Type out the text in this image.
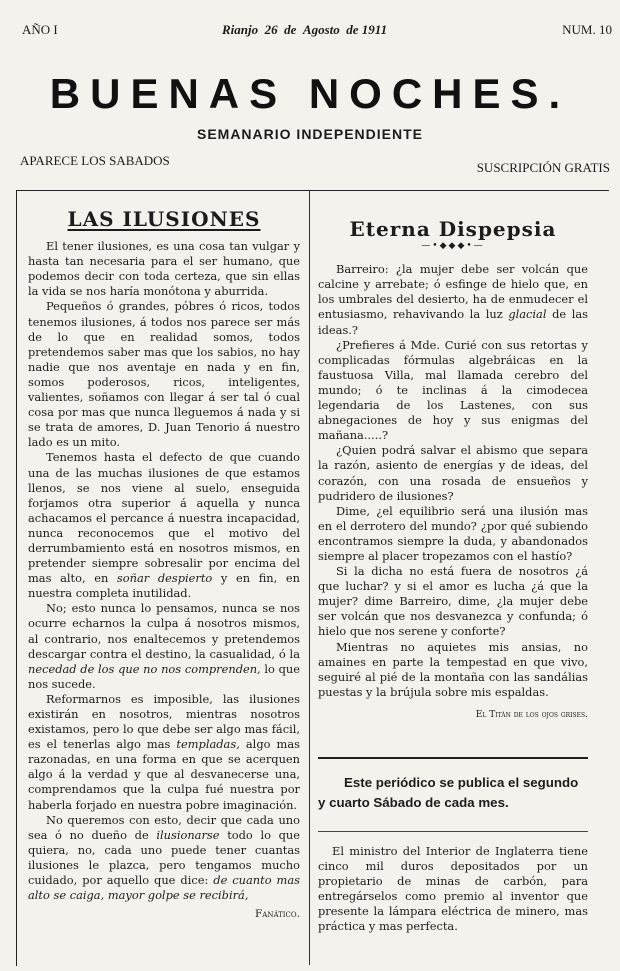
AÑO I	Rianjo 26 de Agosto de 1911	NUM. 10
BUENAS NOCHES.
SEMANARIO INDEPENDIENTE
APARECE LOS SABADOS	SUSCRIPCIÓN GRATIS
LAS ILUSIONES

El tener ilusiones, es una cosa tan vulgar y hasta tan necesaria para el ser humano, que podemos decir con toda certeza, que sin ellas la vida se nos haría monótona y aburrida.

Pequeños ó grandes, póbres ó ricos, todos tenemos ilusiones, á todos nos parece ser más de lo que en realidad somos, todos pretendemos saber mas que los sabios, no hay nadie que nos aventaje en nada y en fin, somos poderosos, ricos, inteligentes, valientes, soñamos con llegar á ser tal ó cual cosa por mas que nunca lleguemos á nada y si se trata de amores, D. Juan Tenorio á nuestro lado es un mito.

Tenemos hasta el defecto de que cuando una de las muchas ilusiones de que estamos llenos, se nos viene al suelo, enseguida forjamos otra superior á aquella y nunca achacamos el percance á nuestra incapacidad, nunca reconocemos que el motivo del derrumbamiento está en nosotros mismos, en pretender siempre sobresalir por encima del mas alto, en soñar despierto y en fin, en nuestra completa inutilidad.

No; esto nunca lo pensamos, nunca se nos ocurre echarnos la culpa á nosotros mismos, al contrario, nos enaltecemos y pretendemos descargar contra el destino, la casualidad, ó la necedad de los que no nos comprenden, lo que nos sucede.

Reformarnos es imposible, las ilusiones existirán en nosotros, mientras nosotros existamos, pero lo que debe ser algo mas fácil, es el tenerlas algo mas templadas, algo mas razonadas, en una forma en que se acerquen algo á la verdad y que al desvanecerse una, comprendamos que la culpa fué nuestra por haberla forjado en nuestra pobre imaginación.

No queremos con esto, decir que cada uno sea ó no dueño de ilusionarse todo lo que quiera, no, cada uno puede tener cuantas ilusiones le plazca, pero tengamos mucho cuidado, por aquello que dice: de cuanto mas alto se caiga, mayor golpe se recibirá,

Fanático.
Eterna Dispepsia
—•◆◆◆•—

Barreiro: ¿la mujer debe ser volcán que calcine y arrebate; ó esfinge de hielo que, en los umbrales del desierto, ha de enmudecer el entusiasmo, rehavivando la luz glacial de las ideas.?

¿Prefieres á Mde. Curié con sus retortas y complicadas fórmulas algebráicas en la faustuosa Villa, mal llamada cerebro del mundo; ó te inclinas á la cimodecea legendaria de los Lastenes, con sus abnegaciones de hoy y sus enigmas del mañana.....?

¿Quien podrá salvar el abismo que separa la razón, asiento de energías y de ideas, del corazón, con una rosada de ensueños y pudridero de ilusiones?

Dime, ¿el equilibrio será una ilusión mas en el derrotero del mundo? ¿por qué subiendo encontramos siempre la duda, y abandonados siempre al placer tropezamos con el hastío?

Si la dicha no está fuera de nosotros ¿á que luchar? y si el amor es lucha ¿á que la mujer? dime Barreiro, dime, ¿la mujer debe ser volcán que nos desvanezca y confunda; ó hielo que nos serene y conforte?

Mientras no aquietes mis ansias, no amaines en parte la tempestad en que vivo, seguiré al pié de la montaña con las sandálias puestas y la brújula sobre mis espaldas.

El Titán de los ojos grises.

Este periódico se publica el segundo y cuarto Sábado de cada mes.

El ministro del Interior de Inglaterra tiene cinco mil duros depositados por un propietario de minas de carbón, para entregárselos como premio al inventor que presente la lámpara eléctrica de minero, mas práctica y mas perfecta.
